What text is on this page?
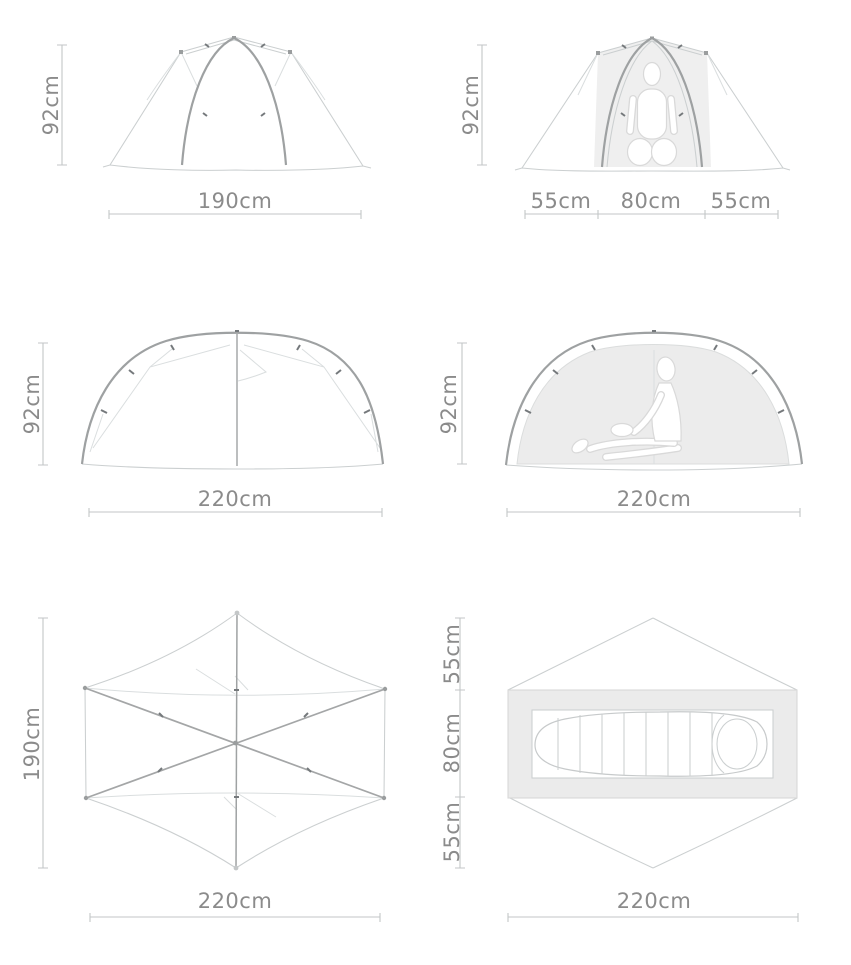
92cm
190cm
92cm
55cm 80cm 55cm
92cm
220cm
92cm
220cm
190cm
220cm
55cm
80cm
55cm
220cm
